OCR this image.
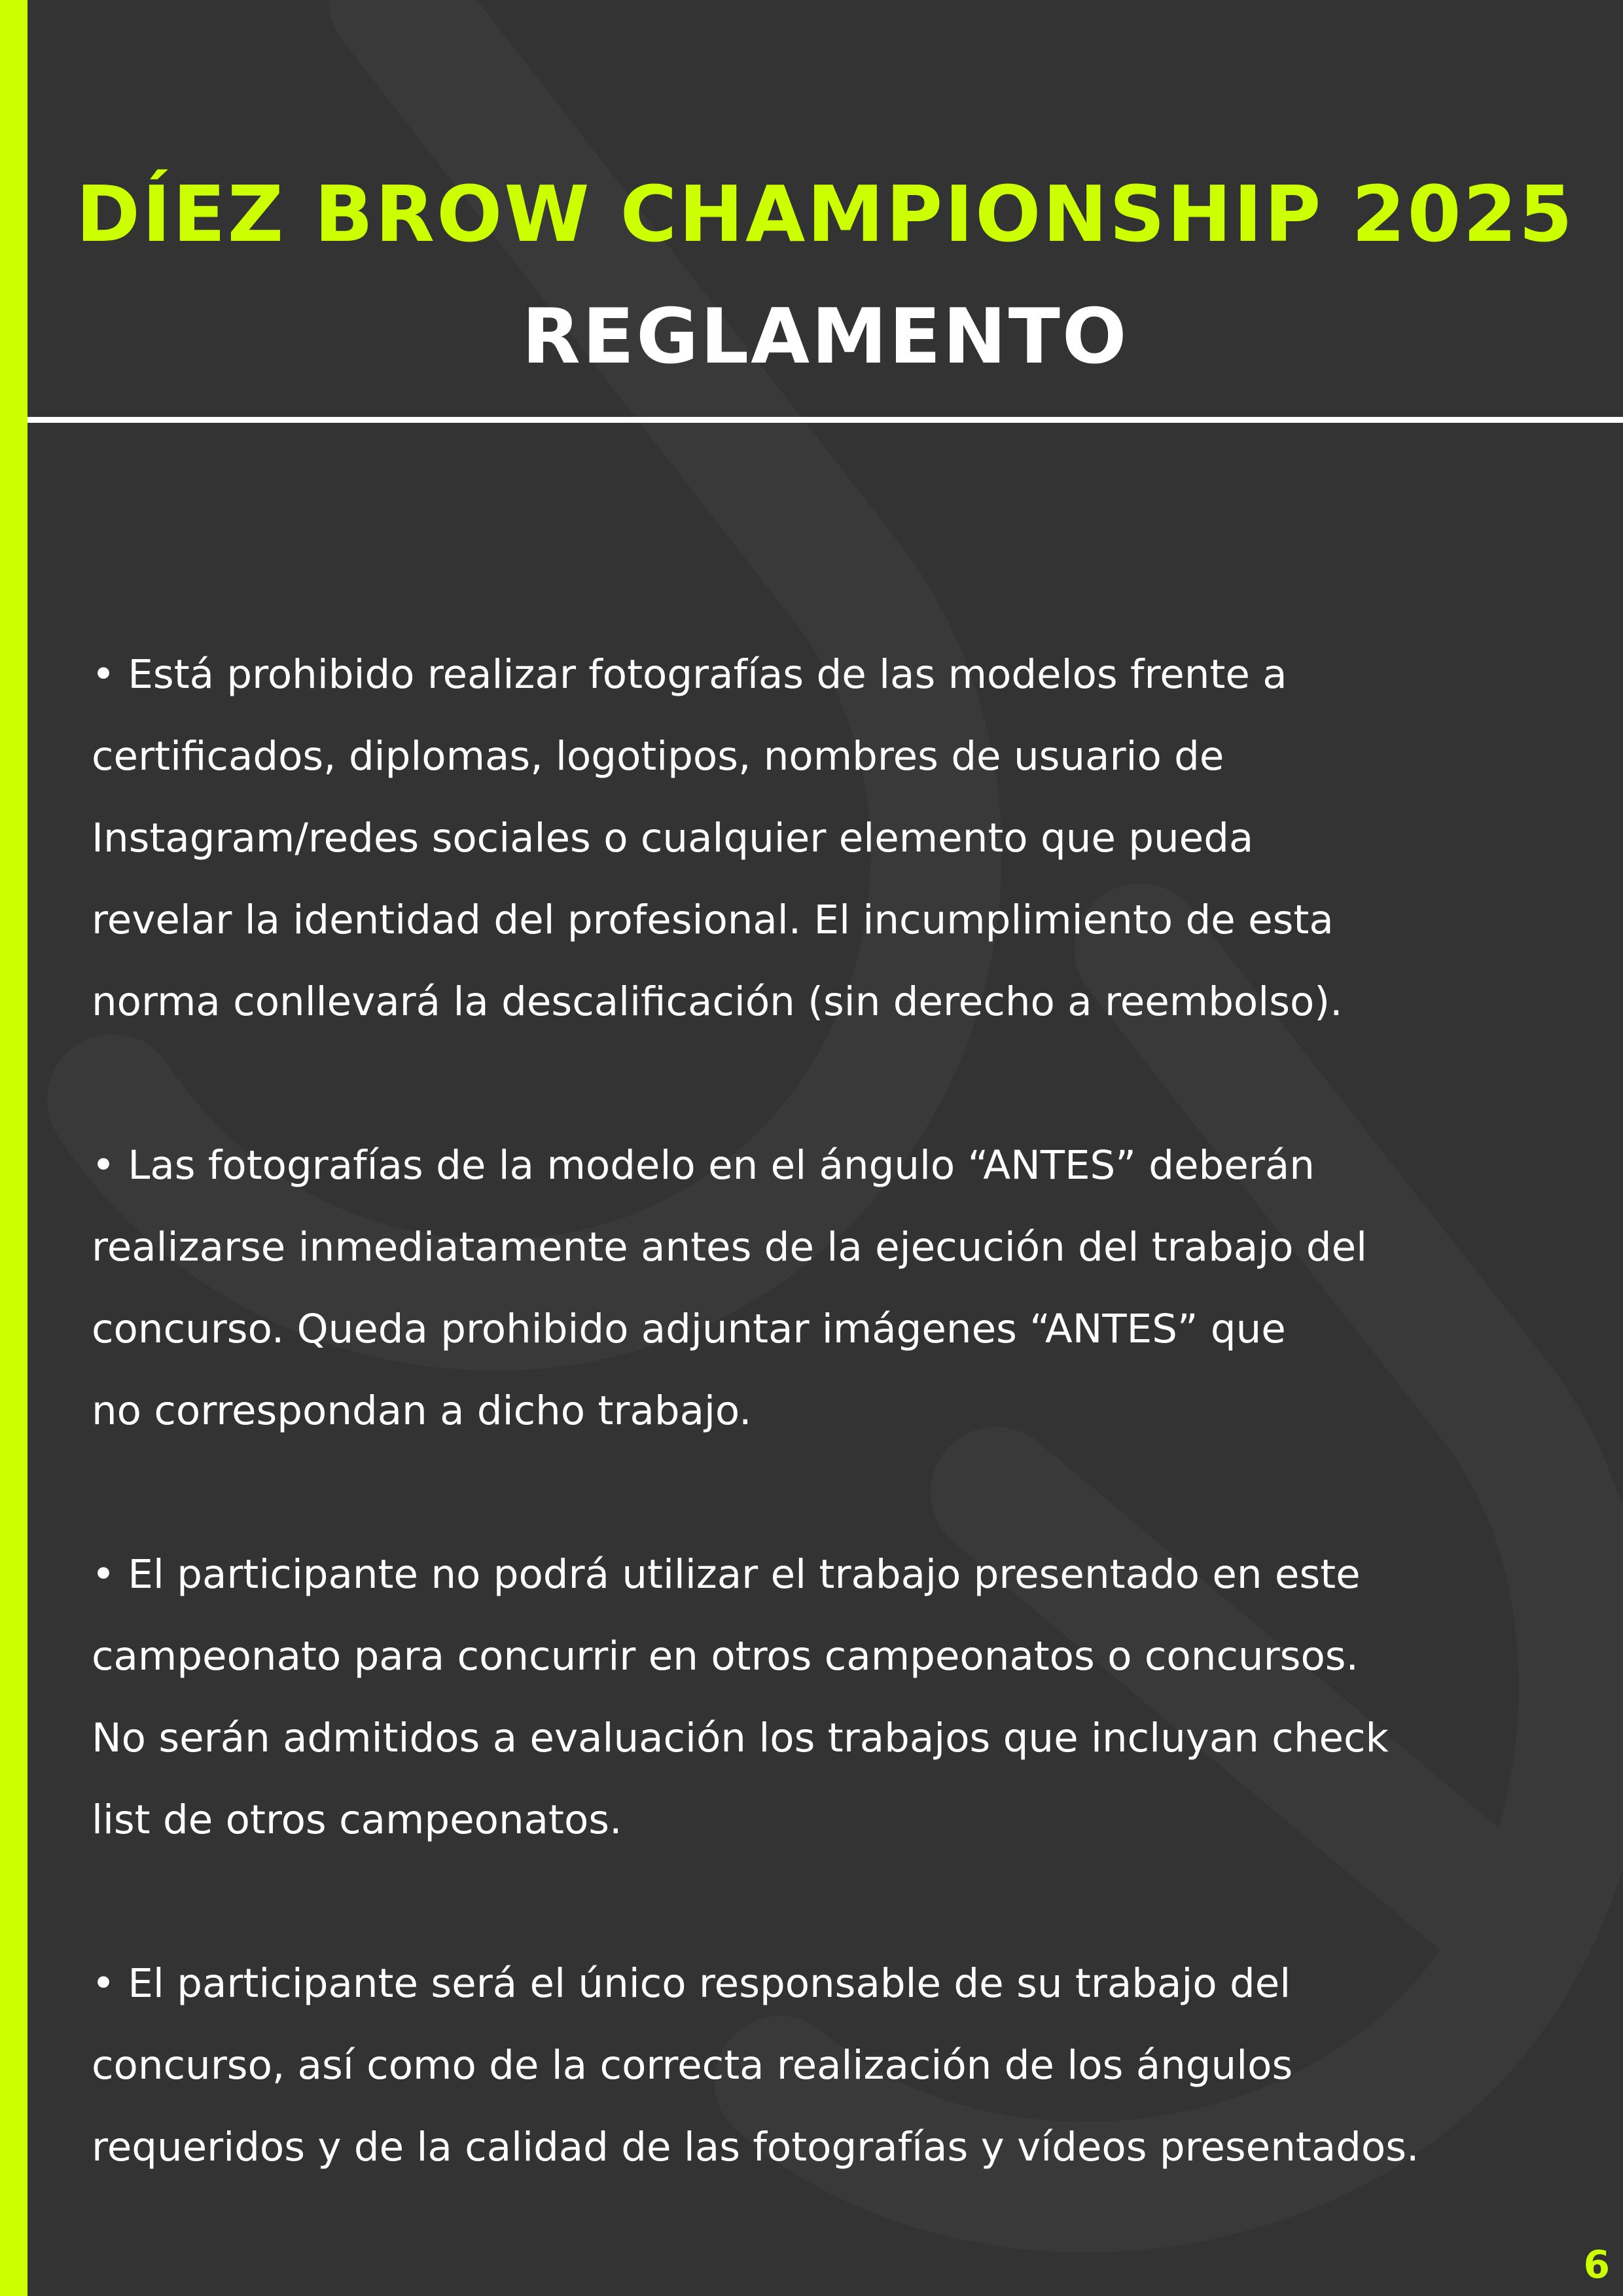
DÍEZ BROW CHAMPIONSHIP 2025
REGLAMENTO
• Está prohibido realizar fotografías de las modelos frente a
certificados, diplomas, logotipos, nombres de usuario de
Instagram/redes sociales o cualquier elemento que pueda
revelar la identidad del profesional. El incumplimiento de esta
norma conllevará la descalificación (sin derecho a reembolso).
• Las fotografías de la modelo en el ángulo “ANTES” deberán
realizarse inmediatamente antes de la ejecución del trabajo del
concurso. Queda prohibido adjuntar imágenes “ANTES” que
no correspondan a dicho trabajo.
• El participante no podrá utilizar el trabajo presentado en este
campeonato para concurrir en otros campeonatos o concursos.
No serán admitidos a evaluación los trabajos que incluyan check
list de otros campeonatos.
• El participante será el único responsable de su trabajo del
concurso, así como de la correcta realización de los ángulos
requeridos y de la calidad de las fotografías y vídeos presentados.
6
